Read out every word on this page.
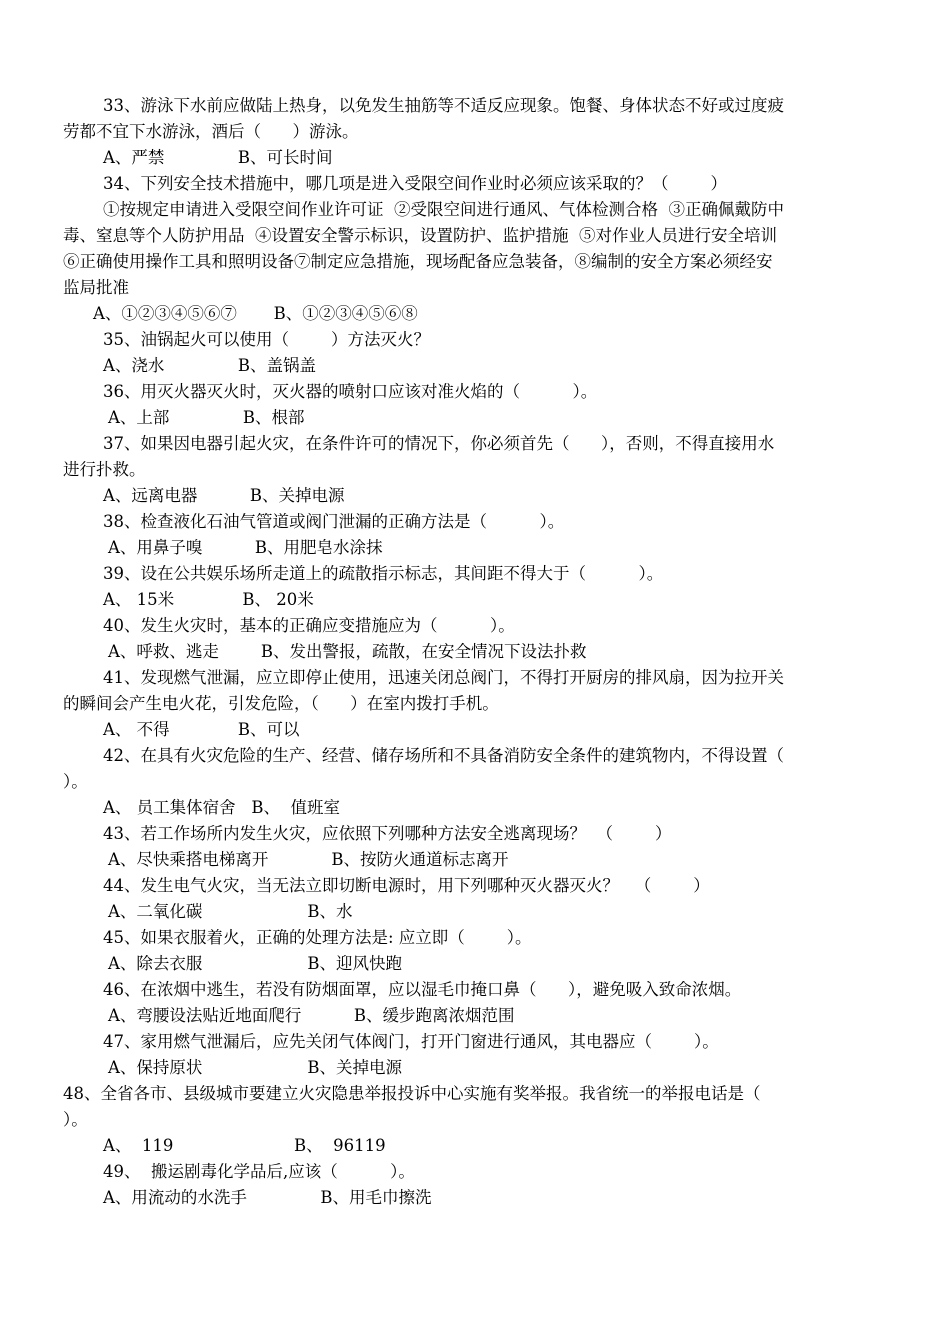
33、游泳下水前应做陆上热身，以免发生抽筋等不适反应现象。饱餐、身体状态不好或过度疲
劳都不宜下水游泳，酒后（      ）游泳。
A、严禁              B、可长时间
34、下列安全技术措施中，哪几项是进入受限空间作业时必须应该采取的？（        ）
①按规定申请进入受限空间作业许可证  ②受限空间进行通风、气体检测合格  ③正确佩戴防中
毒、窒息等个人防护用品  ④设置安全警示标识，设置防护、监护措施  ⑤对作业人员进行安全培训
⑥正确使用操作工具和照明设备⑦制定应急措施，现场配备应急装备，⑧编制的安全方案必须经安
监局批准
A、①②③④⑤⑥⑦       B、①②③④⑤⑥⑧
35、油锅起火可以使用（        ）方法灭火？
A、浇水              B、盖锅盖
36、用灭火器灭火时，灭火器的喷射口应该对准火焰的（          ）。
A、上部              B、根部
37、如果因电器引起火灾，在条件许可的情况下，你必须首先（      ），否则，不得直接用水
进行扑救。
A、远离电器          B、关掉电源
38、检查液化石油气管道或阀门泄漏的正确方法是（          ）。
A、用鼻子嗅          B、用肥皂水涂抹
39、设在公共娱乐场所走道上的疏散指示标志，其间距不得大于（          ）。
A、 15米             B、 20米
40、发生火灾时，基本的正确应变措施应为（          ）。
A、呼救、逃走        B、发出警报，疏散，在安全情况下设法扑救
41、发现燃气泄漏，应立即停止使用，迅速关闭总阀门，不得打开厨房的排风扇，因为拉开关
的瞬间会产生电火花，引发危险，（      ）在室内拨打手机。
A、 不得             B、可以
42、在具有火灾危险的生产、经营、储存场所和不具备消防安全条件的建筑物内，不得设置（
）。
A、 员工集体宿舍   B、  值班室
43、若工作场所内发生火灾，应依照下列哪种方法安全逃离现场？  （        ）
A、尽快乘搭电梯离开            B、按防火通道标志离开
44、发生电气火灾，当无法立即切断电源时，用下列哪种灭火器灭火？   （        ）
A、二氧化碳                    B、水
45、如果衣服着火，正确的处理方法是: 应立即（        ）。
A、除去衣服                    B、迎风快跑
46、在浓烟中逃生，若没有防烟面罩，应以湿毛巾掩口鼻（      ），避免吸入致命浓烟。
A、弯腰设法贴近地面爬行          B、缓步跑离浓烟范围
47、家用燃气泄漏后，应先关闭气体阀门，打开门窗进行通风，其电器应（        ）。
A、保持原状                    B、关掉电源
48、全省各市、县级城市要建立火灾隐患举报投诉中心实施有奖举报。我省统一的举报电话是（
）。
A、  119                       B、  96119
49、  搬运剧毒化学品后,应该（          ）。
A、用流动的水洗手              B、用毛巾擦洗
